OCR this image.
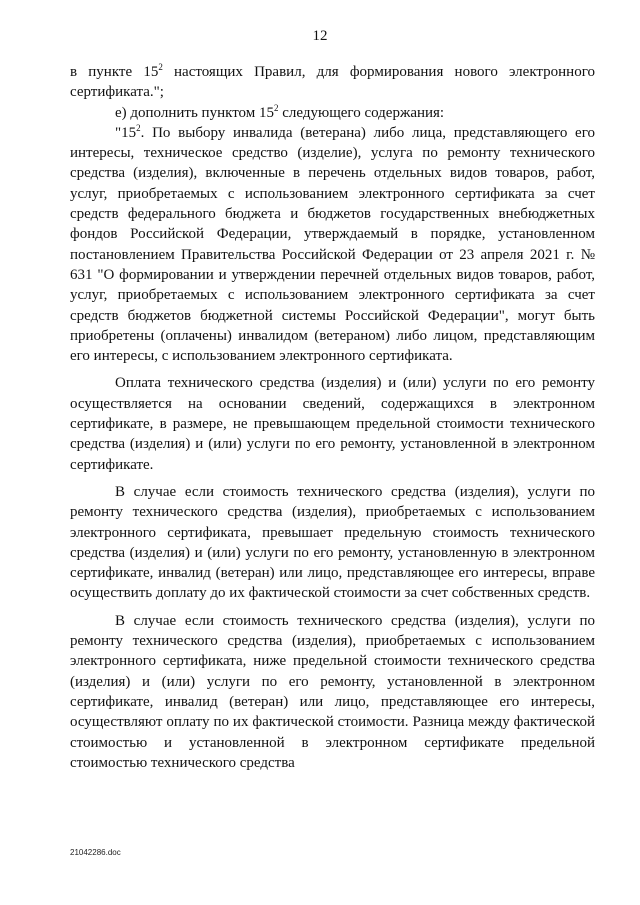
12

в пункте $15^2$ настоящих Правил, для формирования нового электронного сертификата.";

е) дополнить пунктом $15^2$ следующего содержания:

"$15^2$. По выбору инвалида (ветерана) либо лица, представляющего его интересы, техническое средство (изделие), услуга по ремонту технического средства (изделия), включенные в перечень отдельных видов товаров, работ, услуг, приобретаемых с использованием электронного сертификата за счет средств федерального бюджета и бюджетов государственных внебюджетных фондов Российской Федерации, утверждаемый в порядке, установленном постановлением Правительства Российской Федерации от 23 апреля 2021 г. № 631 "О формировании и утверждении перечней отдельных видов товаров, работ, услуг, приобретаемых с использованием электронного сертификата за счет средств бюджетов бюджетной системы Российской Федерации", могут быть приобретены (оплачены) инвалидом (ветераном) либо лицом, представляющим его интересы, с использованием электронного сертификата.

Оплата технического средства (изделия) и (или) услуги по его ремонту осуществляется на основании сведений, содержащихся в электронном сертификате, в размере, не превышающем предельной стоимости технического средства (изделия) и (или) услуги по его ремонту, установленной в электронном сертификате.

В случае если стоимость технического средства (изделия), услуги по ремонту технического средства (изделия), приобретаемых с использованием электронного сертификата, превышает предельную стоимость технического средства (изделия) и (или) услуги по его ремонту, установленную в электронном сертификате, инвалид (ветеран) или лицо, представляющее его интересы, вправе осуществить доплату до их фактической стоимости за счет собственных средств.

В случае если стоимость технического средства (изделия), услуги по ремонту технического средства (изделия), приобретаемых с использованием электронного сертификата, ниже предельной стоимости технического средства (изделия) и (или) услуги по его ремонту, установленной в электронном сертификате, инвалид (ветеран) или лицо, представляющее его интересы, осуществляют оплату по их фактической стоимости. Разница между фактической стоимостью и установленной в электронном сертификате предельной стоимостью технического средства

21042286.doc
